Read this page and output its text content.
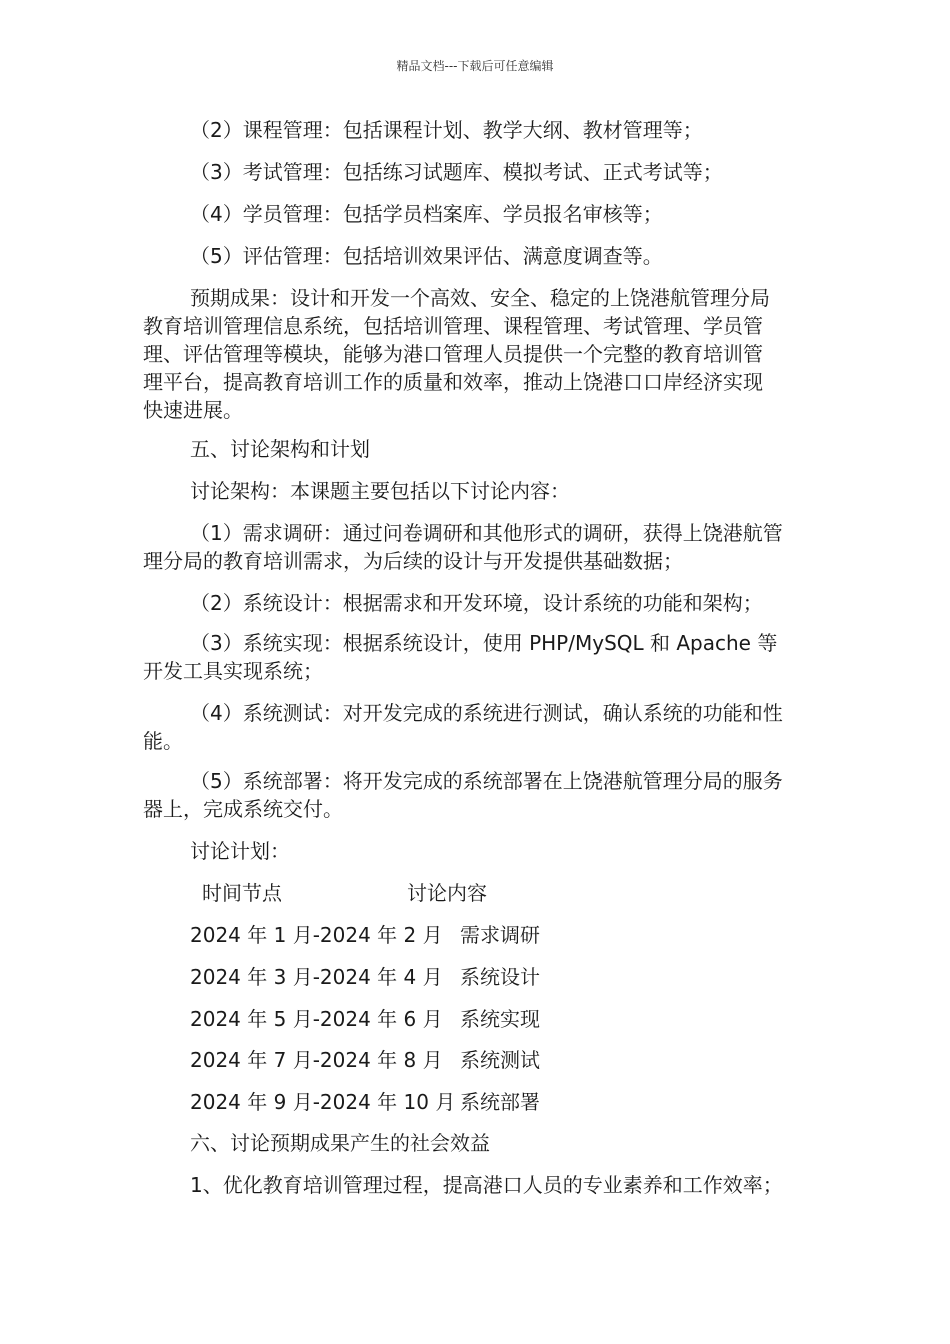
精品文档---下载后可任意编辑
（2）课程管理：包括课程计划、教学大纲、教材管理等；
（3）考试管理：包括练习试题库、模拟考试、正式考试等；
（4）学员管理：包括学员档案库、学员报名审核等；
（5）评估管理：包括培训效果评估、满意度调查等。
预期成果：设计和开发一个高效、安全、稳定的上饶港航管理分局
教育培训管理信息系统，包括培训管理、课程管理、考试管理、学员管
理、评估管理等模块，能够为港口管理人员提供一个完整的教育培训管
理平台，提高教育培训工作的质量和效率，推动上饶港口口岸经济实现
快速进展。
五、讨论架构和计划
讨论架构：本课题主要包括以下讨论内容：
（1）需求调研：通过问卷调研和其他形式的调研，获得上饶港航管
理分局的教育培训需求，为后续的设计与开发提供基础数据；
（2）系统设计：根据需求和开发环境，设计系统的功能和架构；
（3）系统实现：根据系统设计，使用 PHP/MySQL 和 Apache 等
开发工具实现系统；
（4）系统测试：对开发完成的系统进行测试，确认系统的功能和性
能。
（5）系统部署：将开发完成的系统部署在上饶港航管理分局的服务
器上，完成系统交付。
讨论计划：
时间节点	讨论内容
2024 年 1 月-2024 年 2 月 需求调研
2024 年 3 月-2024 年 4 月 系统设计
2024 年 5 月-2024 年 6 月 系统实现
2024 年 7 月-2024 年 8 月 系统测试
2024 年 9 月-2024 年 10 月 系统部署
六、讨论预期成果产生的社会效益
1、优化教育培训管理过程，提高港口人员的专业素养和工作效率；
